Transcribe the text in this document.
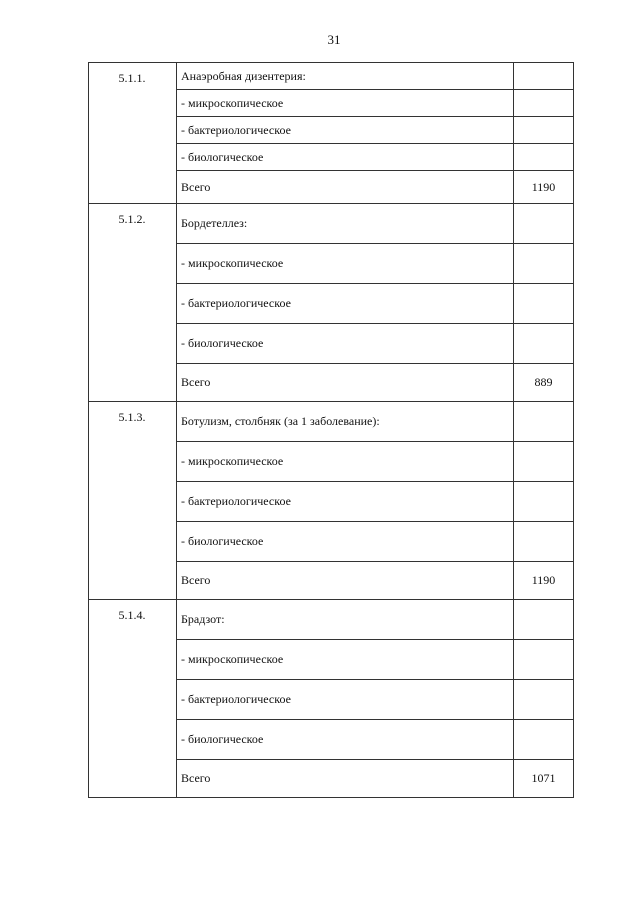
31
5.1.1.	Анаэробная дизентерия:
- микроскопическое
- бактериологическое
- биологическое
Всего	1190
5.1.2.	Бордетеллез:
- микроскопическое
- бактериологическое
- биологическое
Всего	889
5.1.3.	Ботулизм, столбняк (за 1 заболевание):
- микроскопическое
- бактериологическое
- биологическое
Всего	1190
5.1.4.	Брадзот:
- микроскопическое
- бактериологическое
- биологическое
Всего	1071
